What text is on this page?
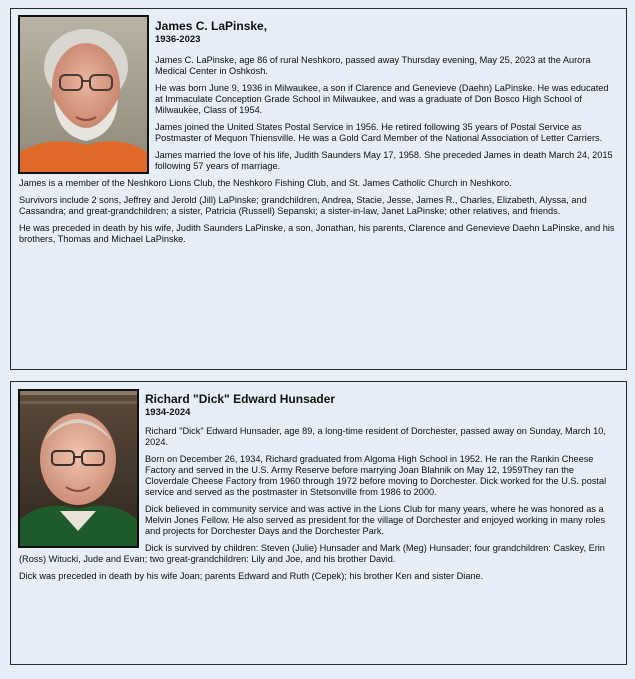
James C. LaPinske,
1936-2023

James C. LaPinske, age 86 of rural Neshkoro, passed away Thursday evening, May 25, 2023 at the Aurora Medical Center in Oshkosh.

He was born June 9, 1936 in Milwaukee, a son if Clarence and Genevieve (Daehn) LaPinske. He was educated at Immaculate Conception Grade School in Milwaukee, and was a graduate of Don Bosco High School of Milwaukee, Class of 1954.

James joined the United States Postal Service in 1956. He retired following 35 years of Postal Service as Postmaster of Mequon Thiensville. He was a Gold Card Member of the National Association of Letter Carriers.

James married the love of his life, Judith Saunders May 17, 1958. She preceded James in death March 24, 2015 following 57 years of marriage.

James is a member of the Neshkoro Lions Club, the Neshkoro Fishing Club, and St. James Catholic Church in Neshkoro.

Survivors include 2 sons, Jeffrey and Jerold (Jill) LaPinske; grandchildren, Andrea, Stacie, Jesse, James R., Charles, Elizabeth, Alyssa, and Cassandra; and great-grandchildren; a sister, Patricia (Russell) Sepanski; a sister-in-law, Janet LaPinske; other relatives, and friends.

He was preceded in death by his wife, Judith Saunders LaPinske, a son, Jonathan, his parents, Clarence and Genevieve Daehn LaPinske, and his brothers, Thomas and Michael LaPinske.

Richard "Dick" Edward Hunsader
1934-2024

Richard "Dick" Edward Hunsader, age 89, a long-time resident of Dorchester, passed away on Sunday, March 10, 2024.

Born on December 26, 1934, Richard graduated from Algoma High School in 1952. He ran the Rankin Cheese Factory and served in the U.S. Army Reserve before marrying Joan Blahnik on May 12, 1959They ran the Cloverdale Cheese Factory from 1960 through 1972 before moving to Dorchester. Dick worked for the U.S. postal service and served as the postmaster in Stetsonville from 1986 to 2000.

Dick believed in community service and was active in the Lions Club for many years, where he was honored as a Melvin Jones Fellow. He also served as president for the village of Dorchester and enjoyed working in many roles and projects for Dorchester Days and the Dorchester Park.

Dick is survived by children: Steven (Julie) Hunsader and Mark (Meg) Hunsader; four grandchildren: Caskey, Erin (Ross) Witucki, Jude and Evan; two great-grandchildren: Lily and Joe, and his brother David.

Dick was preceded in death by his wife Joan; parents Edward and Ruth (Cepek); his brother Ken and sister Diane.
